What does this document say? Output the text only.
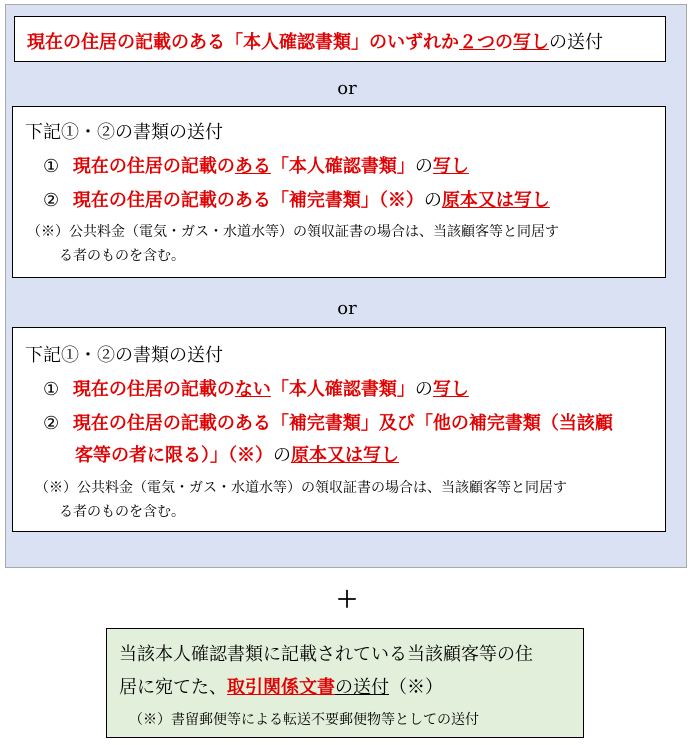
現在の住居の記載のある「本人確認書類」のいずれか２つの写しの送付
or
下記①・②の書類の送付
① 現在の住居の記載のある「本人確認書類」の写し
② 現在の住居の記載のある「補完書類」（※）の原本又は写し
（※）公共料金（電気・ガス・水道水等）の領収証書の場合は、当該顧客等と同居す
る者のものを含む。
or
下記①・②の書類の送付
① 現在の住居の記載のない「本人確認書類」の写し
② 現在の住居の記載のある「補完書類」及び「他の補完書類（当該顧
客等の者に限る）」（※）の原本又は写し
（※）公共料金（電気・ガス・水道水等）の領収証書の場合は、当該顧客等と同居す
る者のものを含む。
＋
当該本人確認書類に記載されている当該顧客等の住
居に宛てた、取引関係文書の送付（※）
（※）書留郵便等による転送不要郵便物等としての送付
